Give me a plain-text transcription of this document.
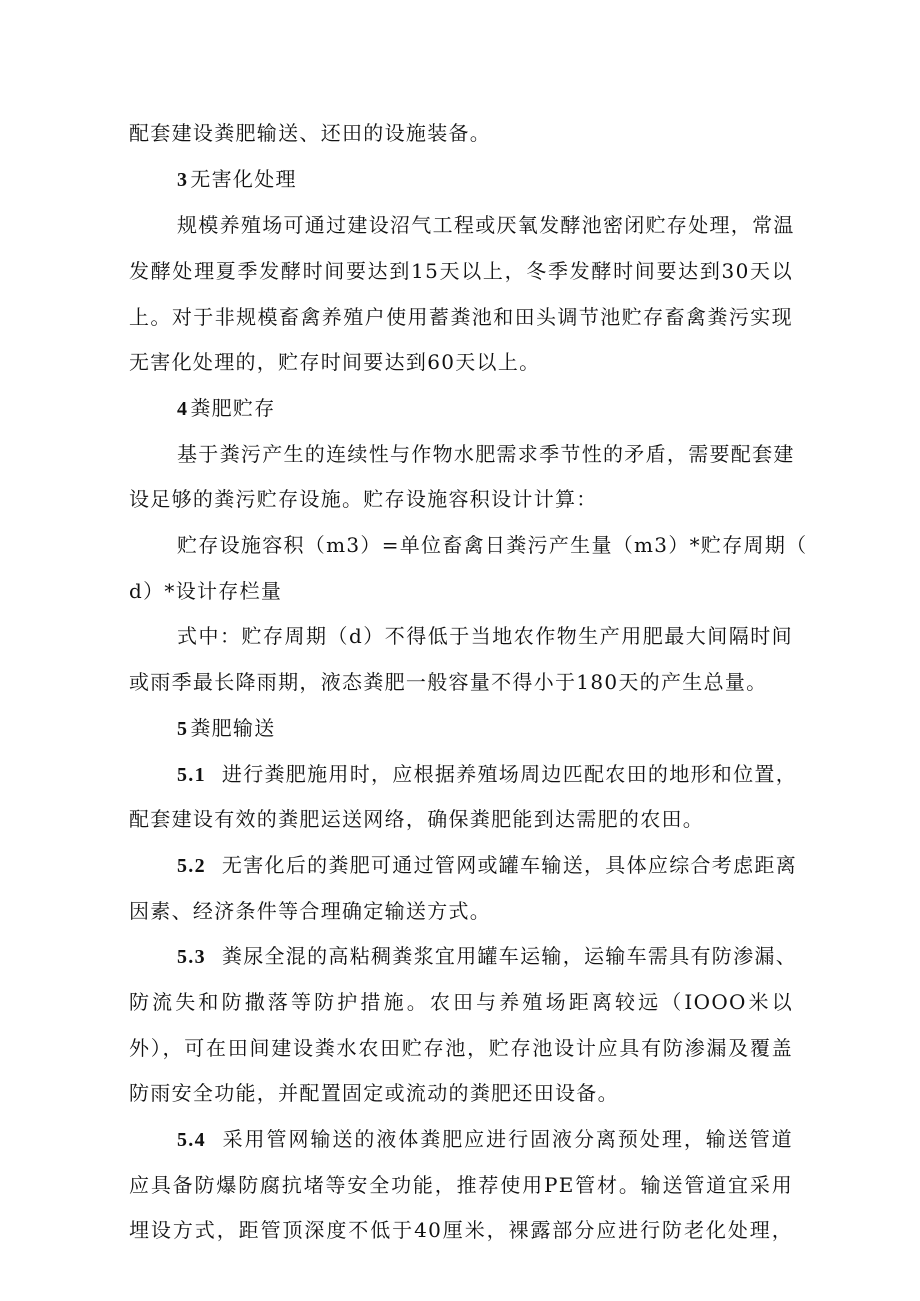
配套建设粪肥输送、还田的设施装备。
3 无害化处理
规模养殖场可通过建设沼气工程或厌氧发酵池密闭贮存处理，常温
发酵处理夏季发酵时间要达到15天以上，冬季发酵时间要达到30天以
上。对于非规模畜禽养殖户使用蓄粪池和田头调节池贮存畜禽粪污实现
无害化处理的，贮存时间要达到60天以上。
4 粪肥贮存
基于粪污产生的连续性与作物水肥需求季节性的矛盾，需要配套建
设足够的粪污贮存设施。贮存设施容积设计计算：
贮存设施容积（m3）=单位畜禽日粪污产生量（m3）*贮存周期（
d）*设计存栏量
式中：贮存周期（d）不得低于当地农作物生产用肥最大间隔时间
或雨季最长降雨期，液态粪肥一般容量不得小于180天的产生总量。
5 粪肥输送
5.1 进行粪肥施用时，应根据养殖场周边匹配农田的地形和位置，
配套建设有效的粪肥运送网络，确保粪肥能到达需肥的农田。
5.2 无害化后的粪肥可通过管网或罐车输送，具体应综合考虑距离
因素、经济条件等合理确定输送方式。
5.3 粪尿全混的高粘稠粪浆宜用罐车运输，运输车需具有防渗漏、
防流失和防撒落等防护措施。农田与养殖场距离较远（IOOO米以
外），可在田间建设粪水农田贮存池，贮存池设计应具有防渗漏及覆盖
防雨安全功能，并配置固定或流动的粪肥还田设备。
5.4 采用管网输送的液体粪肥应进行固液分离预处理，输送管道
应具备防爆防腐抗堵等安全功能，推荐使用PE管材。输送管道宜采用
埋设方式，距管顶深度不低于40厘米，裸露部分应进行防老化处理，
